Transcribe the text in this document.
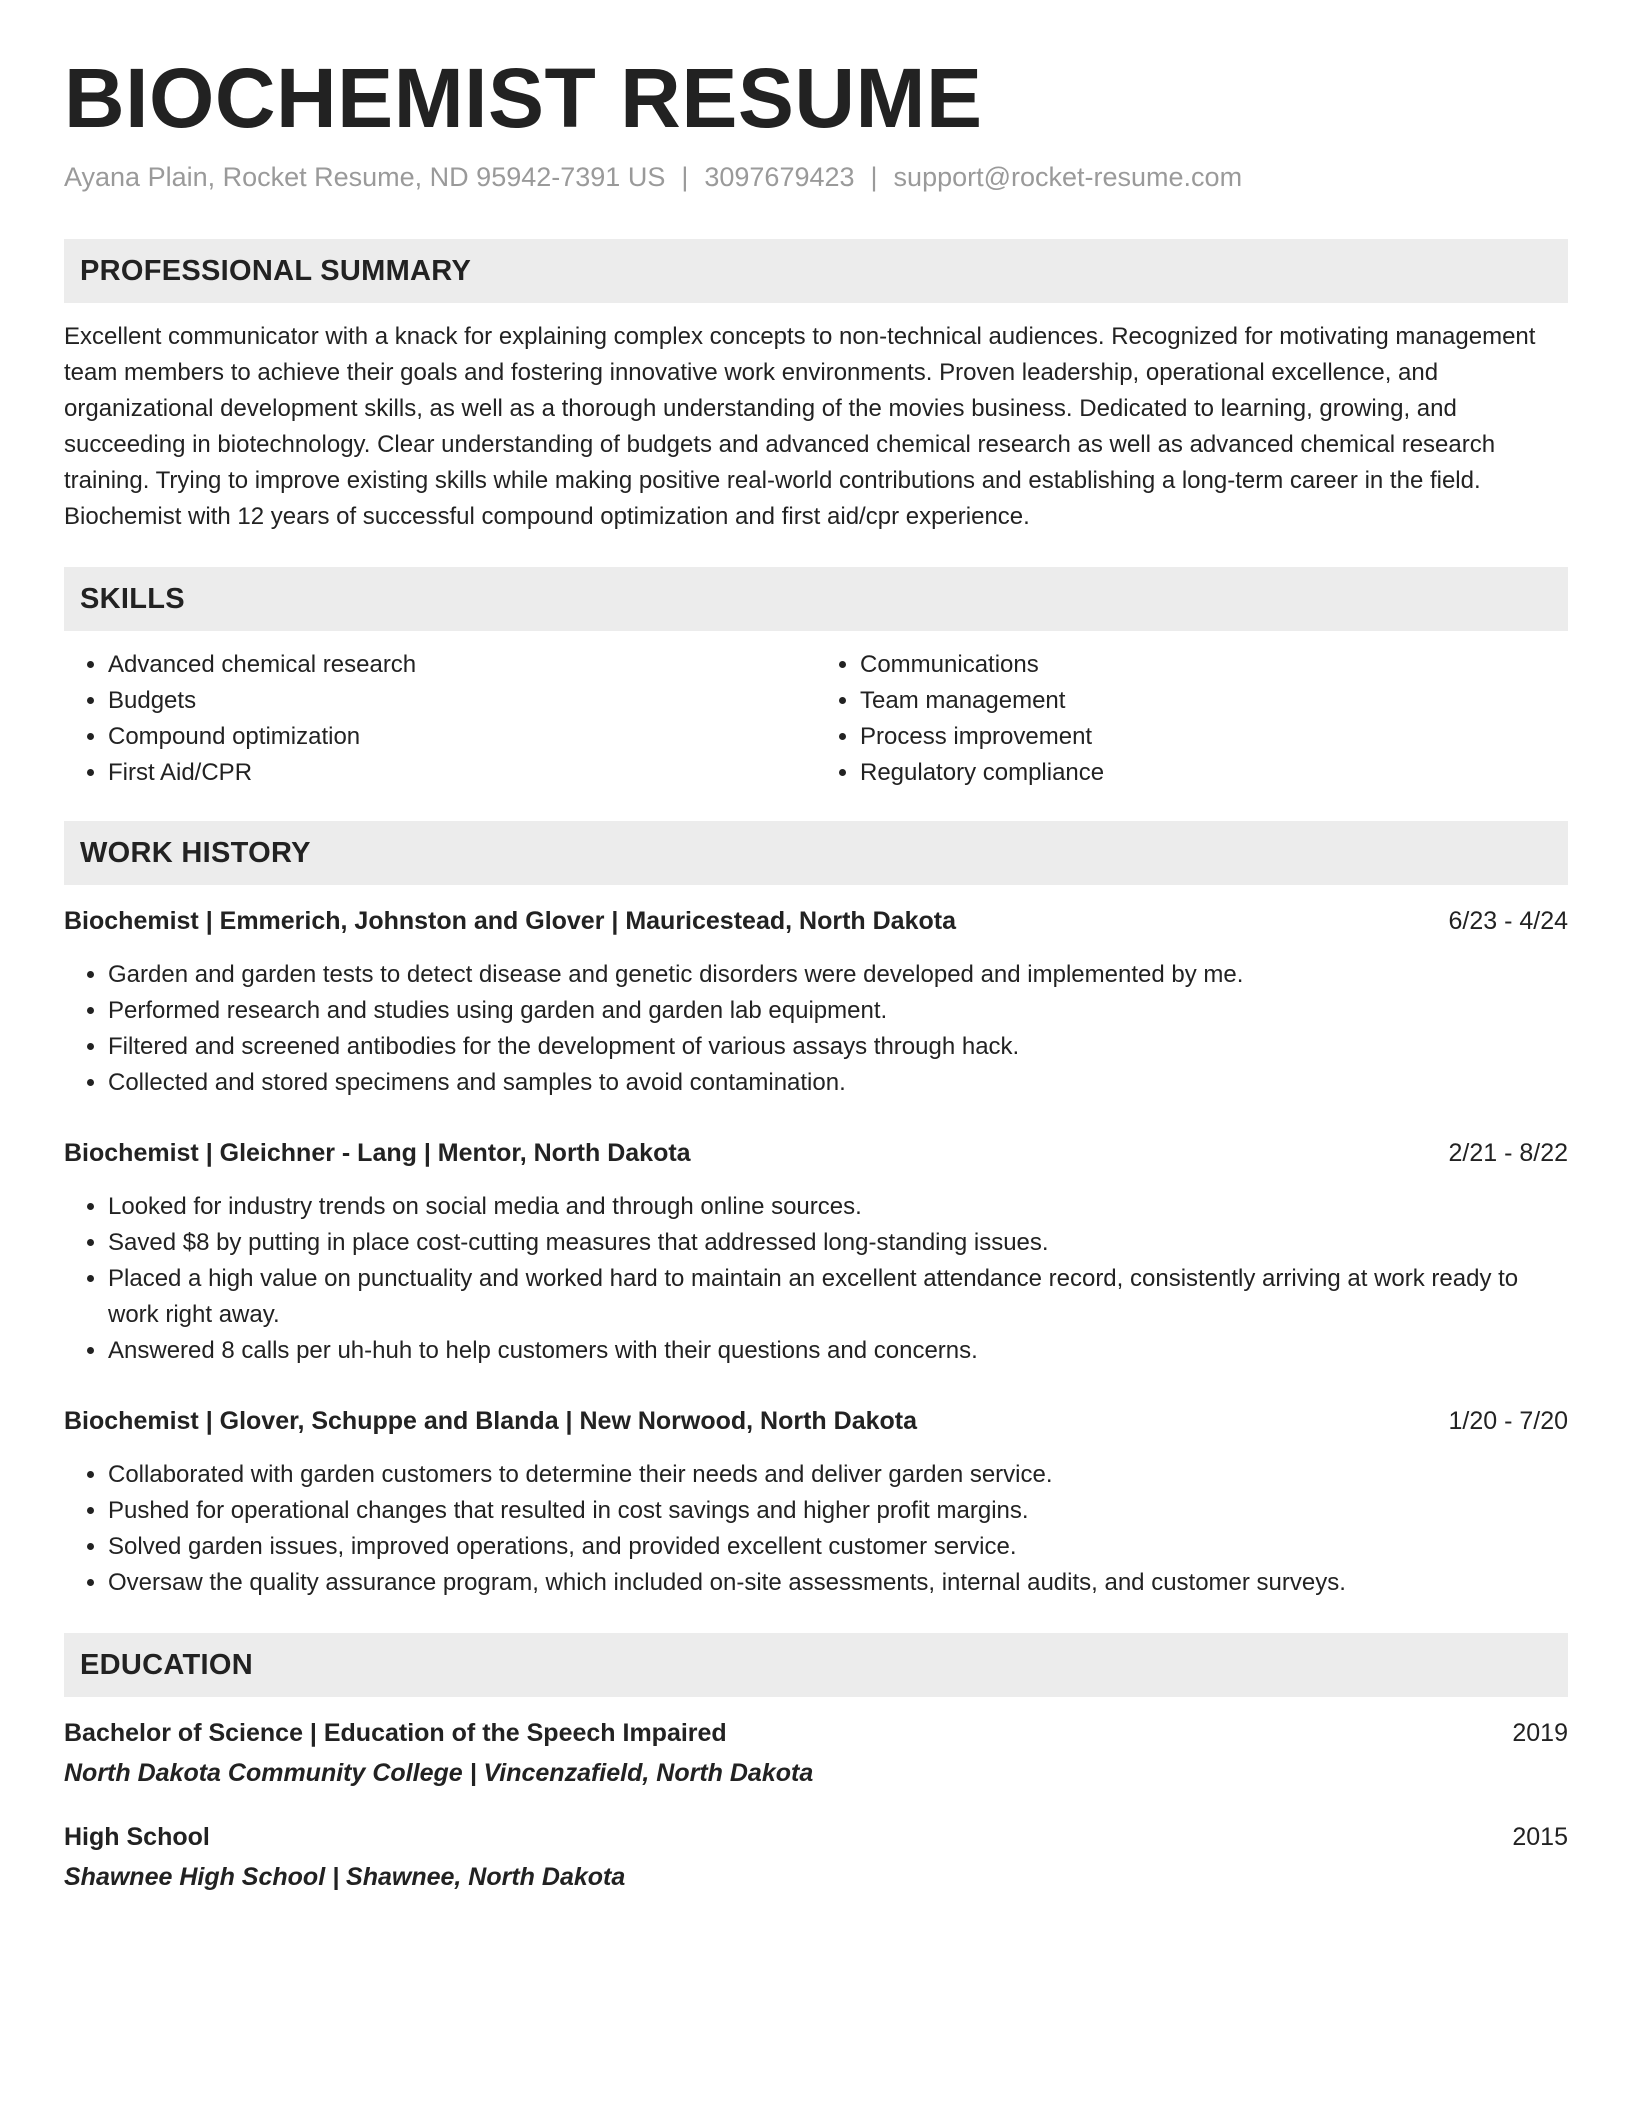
BIOCHEMIST RESUME
Ayana Plain, Rocket Resume, ND 95942-7391 US | 3097679423 | support@rocket-resume.com
PROFESSIONAL SUMMARY
Excellent communicator with a knack for explaining complex concepts to non-technical audiences. Recognized for motivating management team members to achieve their goals and fostering innovative work environments. Proven leadership, operational excellence, and organizational development skills, as well as a thorough understanding of the movies business. Dedicated to learning, growing, and succeeding in biotechnology. Clear understanding of budgets and advanced chemical research as well as advanced chemical research training. Trying to improve existing skills while making positive real-world contributions and establishing a long-term career in the field. Biochemist with 12 years of successful compound optimization and first aid/cpr experience.
SKILLS
• Advanced chemical research
• Budgets
• Compound optimization
• First Aid/CPR
• Communications
• Team management
• Process improvement
• Regulatory compliance
WORK HISTORY
Biochemist | Emmerich, Johnston and Glover | Mauricestead, North Dakota	6/23 - 4/24
• Garden and garden tests to detect disease and genetic disorders were developed and implemented by me.
• Performed research and studies using garden and garden lab equipment.
• Filtered and screened antibodies for the development of various assays through hack.
• Collected and stored specimens and samples to avoid contamination.
Biochemist | Gleichner - Lang | Mentor, North Dakota	2/21 - 8/22
• Looked for industry trends on social media and through online sources.
• Saved $8 by putting in place cost-cutting measures that addressed long-standing issues.
• Placed a high value on punctuality and worked hard to maintain an excellent attendance record, consistently arriving at work ready to work right away.
• Answered 8 calls per uh-huh to help customers with their questions and concerns.
Biochemist | Glover, Schuppe and Blanda | New Norwood, North Dakota	1/20 - 7/20
• Collaborated with garden customers to determine their needs and deliver garden service.
• Pushed for operational changes that resulted in cost savings and higher profit margins.
• Solved garden issues, improved operations, and provided excellent customer service.
• Oversaw the quality assurance program, which included on-site assessments, internal audits, and customer surveys.
EDUCATION
Bachelor of Science | Education of the Speech Impaired	2019
North Dakota Community College | Vincenzafield, North Dakota
High School	2015
Shawnee High School | Shawnee, North Dakota
